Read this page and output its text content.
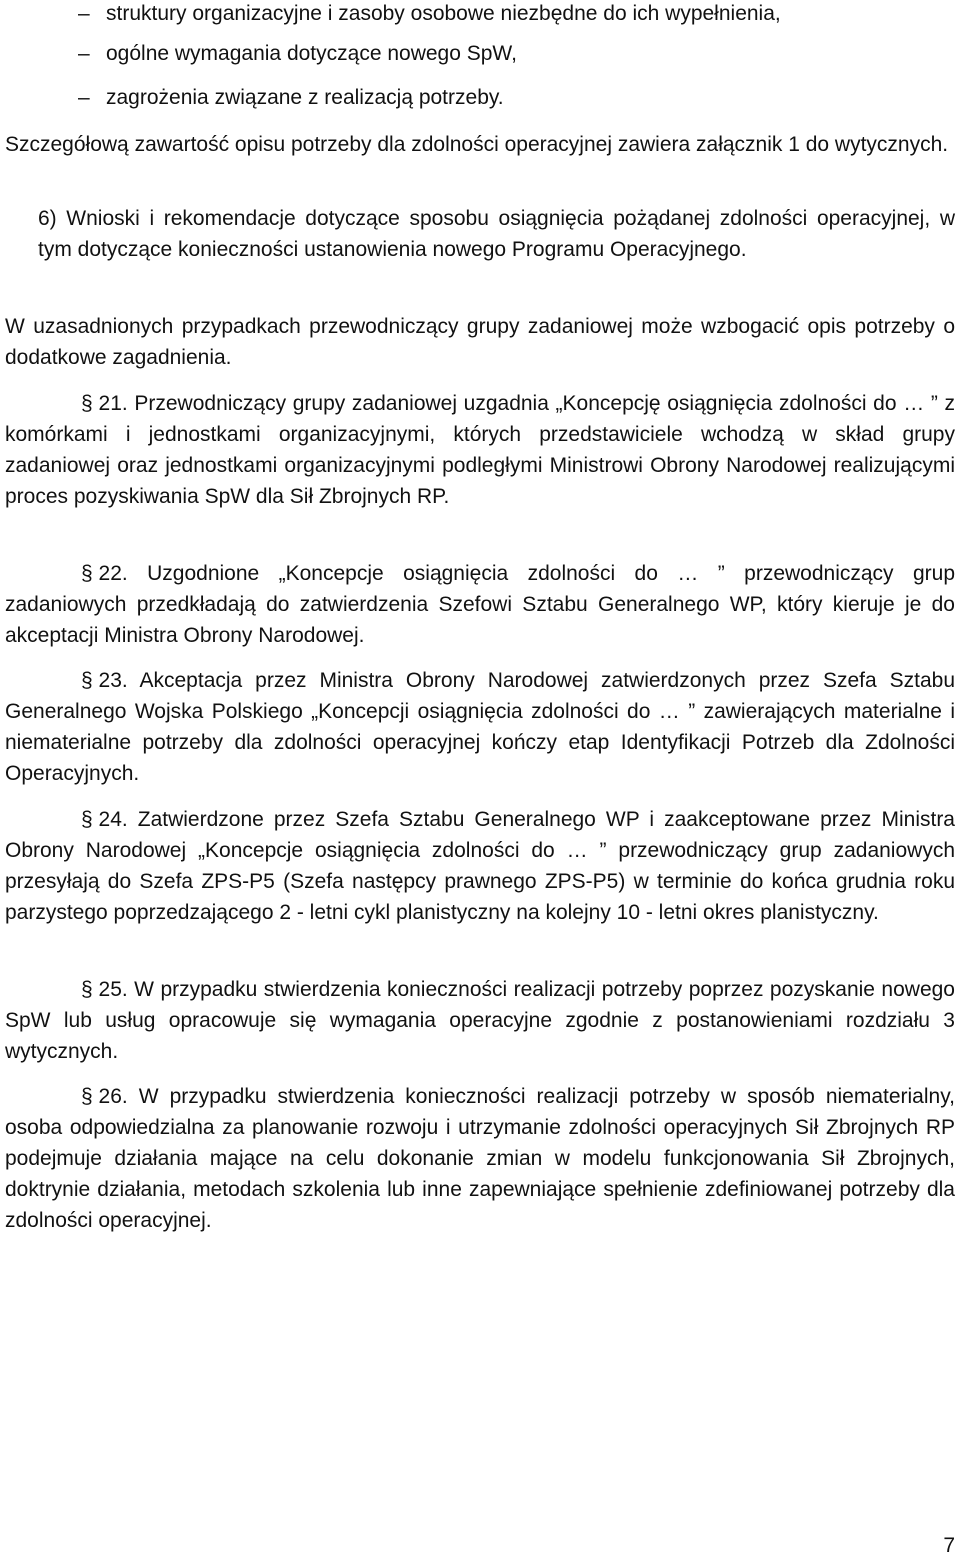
– struktury organizacyjne i zasoby osobowe niezbędne do ich wypełnienia,
– ogólne wymagania dotyczące nowego SpW,
– zagrożenia związane z realizacją potrzeby.

Szczegółową zawartość opisu potrzeby dla zdolności operacyjnej zawiera załącznik 1 do wytycznych.

6) Wnioski i rekomendacje dotyczące sposobu osiągnięcia pożądanej zdolności operacyjnej, w tym dotyczące konieczności ustanowienia nowego Programu Operacyjnego.

W uzasadnionych przypadkach przewodniczący grupy zadaniowej może wzbogacić opis potrzeby o dodatkowe zagadnienia.

§ 21. Przewodniczący grupy zadaniowej uzgadnia „Koncepcję osiągnięcia zdolności do … ” z komórkami i jednostkami organizacyjnymi, których przedstawiciele wchodzą w skład grupy zadaniowej oraz jednostkami organizacyjnymi podległymi Ministrowi Obrony Narodowej realizującymi proces pozyskiwania SpW dla Sił Zbrojnych RP.

§ 22. Uzgodnione „Koncepcje osiągnięcia zdolności do … ” przewodniczący grup zadaniowych przedkładają do zatwierdzenia Szefowi Sztabu Generalnego WP, który kieruje je do akceptacji Ministra Obrony Narodowej.

§ 23. Akceptacja przez Ministra Obrony Narodowej zatwierdzonych przez Szefa Sztabu Generalnego Wojska Polskiego „Koncepcji osiągnięcia zdolności do … ” zawierających materialne i niematerialne potrzeby dla zdolności operacyjnej kończy etap Identyfikacji Potrzeb dla Zdolności Operacyjnych.

§ 24. Zatwierdzone przez Szefa Sztabu Generalnego WP i zaakceptowane przez Ministra Obrony Narodowej „Koncepcje osiągnięcia zdolności do … ” przewodniczący grup zadaniowych przesyłają do Szefa ZPS-P5 (Szefa następcy prawnego ZPS-P5) w terminie do końca grudnia roku parzystego poprzedzającego 2 - letni cykl planistyczny na kolejny 10 - letni okres planistyczny.

§ 25. W przypadku stwierdzenia konieczności realizacji potrzeby poprzez pozyskanie nowego SpW lub usług opracowuje się wymagania operacyjne zgodnie z postanowieniami rozdziału 3 wytycznych.

§ 26. W przypadku stwierdzenia konieczności realizacji potrzeby w sposób niematerialny, osoba odpowiedzialna za planowanie rozwoju i utrzymanie zdolności operacyjnych Sił Zbrojnych RP podejmuje działania mające na celu dokonanie zmian w modelu funkcjonowania Sił Zbrojnych, doktrynie działania, metodach szkolenia lub inne zapewniające spełnienie zdefiniowanej potrzeby dla zdolności operacyjnej.

7
